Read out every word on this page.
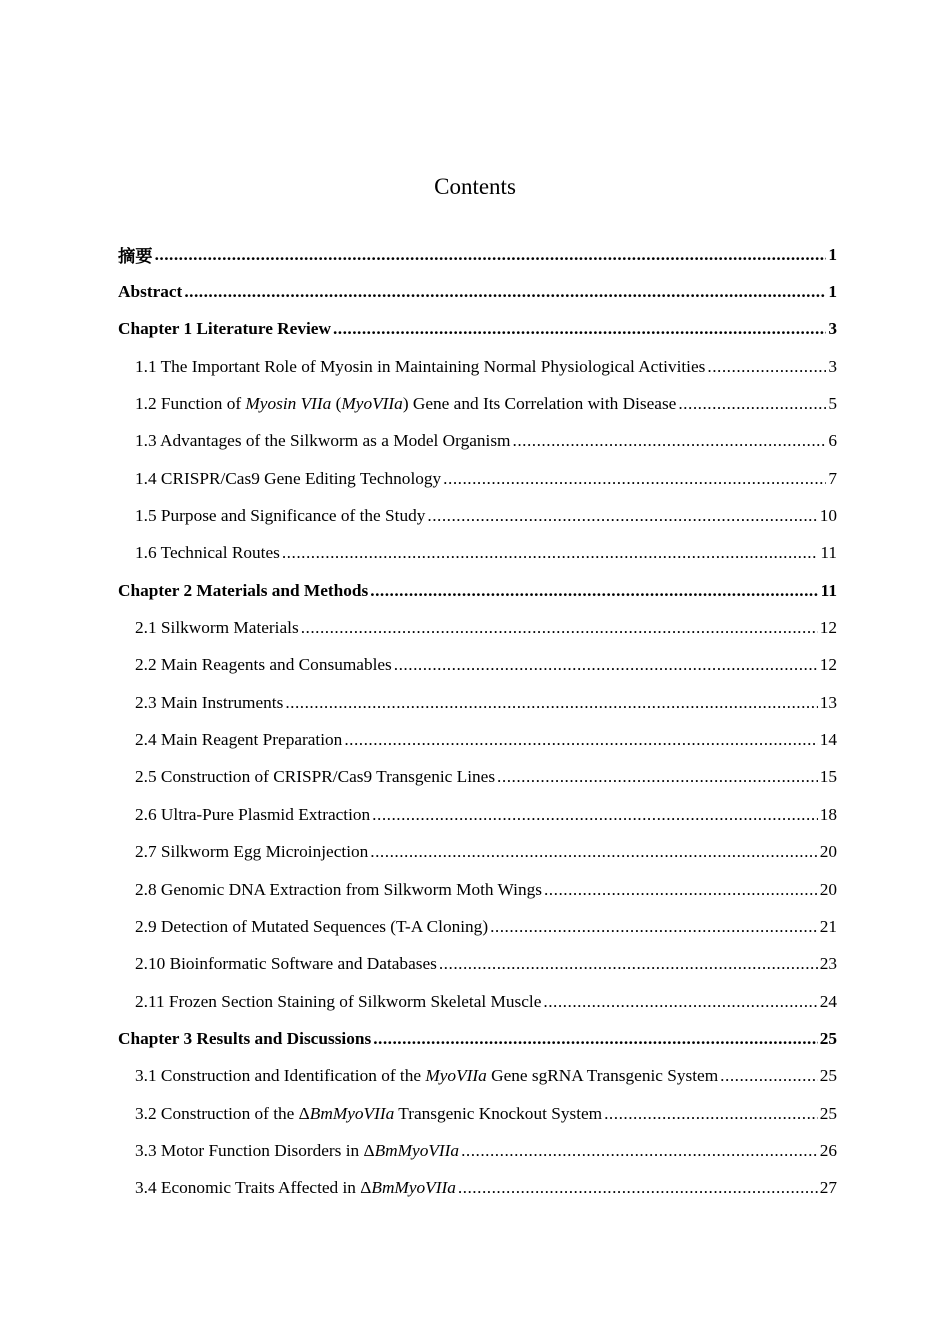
Contents
摘要 .....	1
Abstract .....	1
Chapter 1 Literature Review .....	3
1.1 The Important Role of Myosin in Maintaining Normal Physiological Activities .....	3
1.2 Function of Myosin VIIa (MyoVIIa) Gene and Its Correlation with Disease .....	5
1.3 Advantages of the Silkworm as a Model Organism .....	6
1.4 CRISPR/Cas9 Gene Editing Technology .....	7
1.5 Purpose and Significance of the Study .....	10
1.6 Technical Routes .....	11
Chapter 2 Materials and Methods .....	11
2.1 Silkworm Materials .....	12
2.2 Main Reagents and Consumables .....	12
2.3 Main Instruments .....	13
2.4 Main Reagent Preparation .....	14
2.5 Construction of CRISPR/Cas9 Transgenic Lines .....	15
2.6 Ultra-Pure Plasmid Extraction .....	18
2.7 Silkworm Egg Microinjection .....	20
2.8 Genomic DNA Extraction from Silkworm Moth Wings .....	20
2.9 Detection of Mutated Sequences (T-A Cloning) .....	21
2.10 Bioinformatic Software and Databases .....	23
2.11 Frozen Section Staining of Silkworm Skeletal Muscle .....	24
Chapter 3 Results and Discussions .....	25
3.1 Construction and Identification of the MyoVIIa Gene sgRNA Transgenic System .....	25
3.2 Construction of the ΔBmMyoVIIa Transgenic Knockout System .....	25
3.3 Motor Function Disorders in ΔBmMyoVIIa .....	26
3.4 Economic Traits Affected in ΔBmMyoVIIa .....	27
